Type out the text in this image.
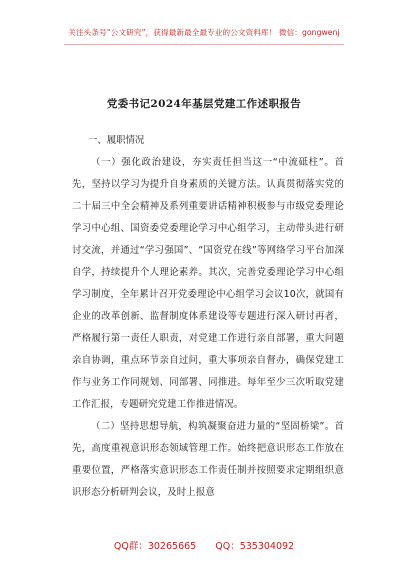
关注头条号“公文研究”，获得最新最全最专业的公文资料库！ 微信：gongwenj
党委书记2024年基层党建工作述职报告

一、履职情况

（一）强化政治建设，夯实责任担当这一“中流砥柱”。首先，坚持以学习为提升自身素质的关键方法。认真贯彻落实党的二十届三中全会精神及系列重要讲话精神积极参与市级党委理论学习中心组、国资委党委理论学习中心组学习，主动带头进行研讨交流，并通过“学习强国”、“国资党在线”等网络学习平台加深自学，持续提升个人理论素养。其次，完善党委理论学习中心组学习制度，全年累计召开党委理论中心组学习会议10次，就国有企业的改革创新、监督制度体系建设等专题进行深入研讨再者，严格履行第一责任人职责，对党建工作进行亲自部署，重大问题亲自协调，重点环节亲自过问，重大事项亲自督办，确保党建工作与业务工作同规划、同部署、同推进。每年至少三次听取党建工作汇报，专题研究党建工作推进情况。

（二）坚持思想导航，构筑凝聚奋进力量的“坚固桥梁”。首先，高度重视意识形态领域管理工作。始终把意识形态工作放在重要位置，严格落实意识形态工作责任制并按照要求定期组织意识形态分析研判会议，及时上报意

QQ群：30265665 QQ：535304092
